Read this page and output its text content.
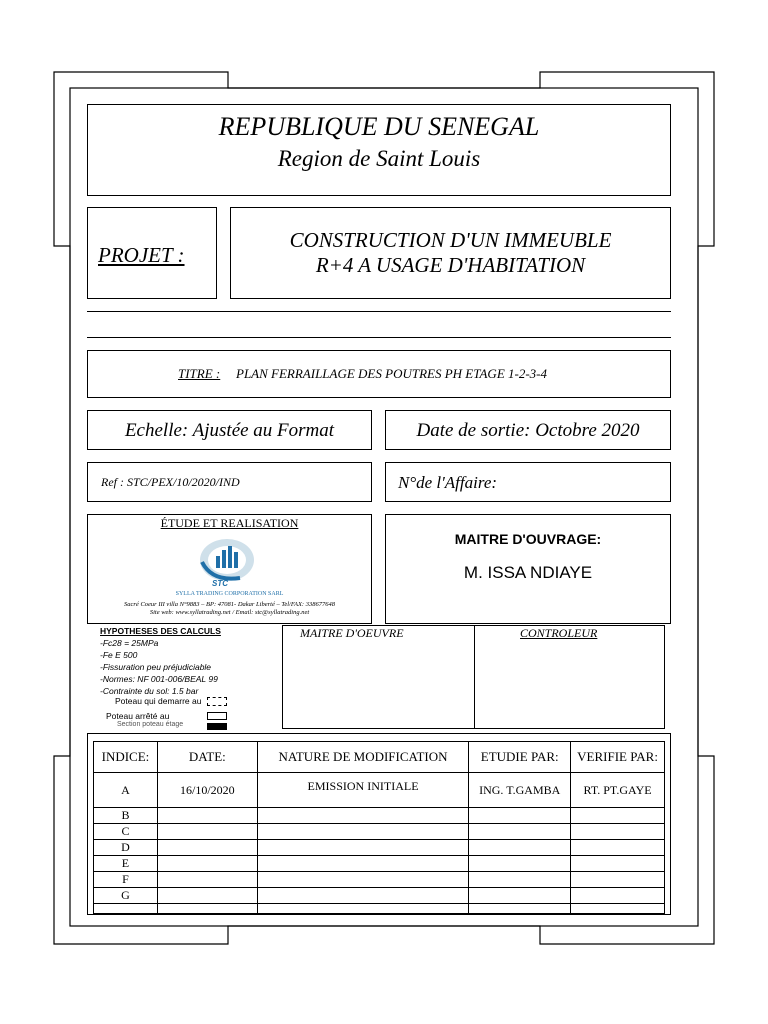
REPUBLIQUE DU SENEGAL
Region de Saint Louis
PROJET :
CONSTRUCTION D'UN IMMEUBLE
R+4 A USAGE D'HABITATION
TITRE : PLAN FERRAILLAGE DES POUTRES PH ETAGE 1-2-3-4
Echelle: Ajustée au Format	Date de sortie: Octobre 2020
Ref : STC/PEX/10/2020/IND	N°de l'Affaire:
ÉTUDE ET REALISATION
STC
SYLLA TRADING CORPORATION SARL
Sacré Coeur III villa N°9883 – BP: 47081- Dakar Liberté – Tel/FAX: 338677648
Site web: www.syllatrading.net / Email: stc@syllatrading.net
MAITRE D'OUVRAGE:
M. ISSA NDIAYE
MAITRE D'OEUVRE	CONTROLEUR
HYPOTHESES DES CALCULS
-Fc28 = 25MPa
-Fe E 500
-Fissuration peu préjudiciable
-Normes: NF 001-006/BEAL 99
-Contrainte du sol: 1.5 bar
Poteau qui demarre au
Poteau arrêté au
Section poteau étage
INDICE:	DATE:	NATURE DE MODIFICATION	ETUDIE PAR:	VERIFIE PAR:
A	16/10/2020	EMISSION INITIALE	ING. T.GAMBA	RT. PT.GAYE
B				
C				
D				
E				
F				
G				
